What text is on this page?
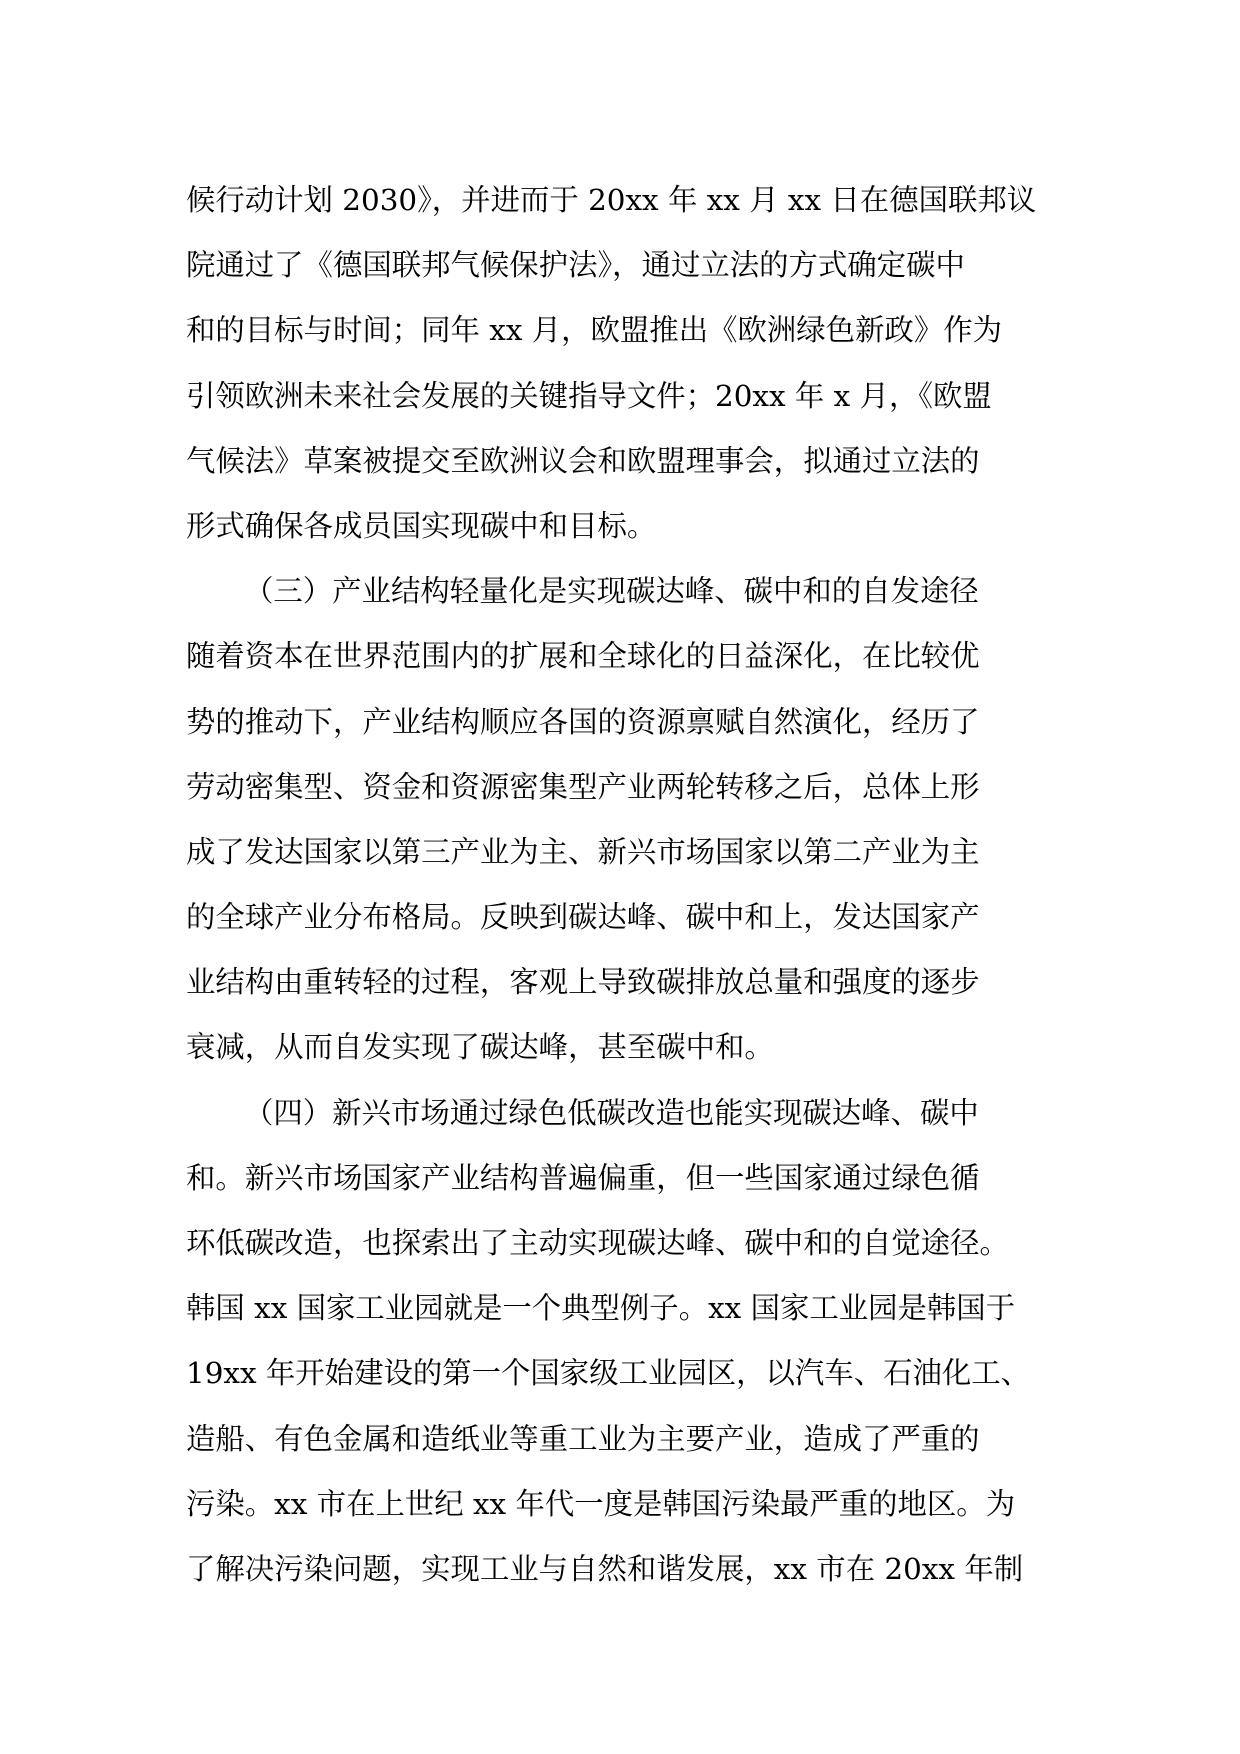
候行动计划 2030》，并进而于 20xx 年 xx 月 xx 日在德国联邦议
院通过了《德国联邦气候保护法》，通过立法的方式确定碳中
和的目标与时间；同年 xx 月，欧盟推出《欧洲绿色新政》作为
引领欧洲未来社会发展的关键指导文件；20xx 年 x 月，《欧盟
气候法》草案被提交至欧洲议会和欧盟理事会，拟通过立法的
形式确保各成员国实现碳中和目标。
（三）产业结构轻量化是实现碳达峰、碳中和的自发途径
随着资本在世界范围内的扩展和全球化的日益深化，在比较优
势的推动下，产业结构顺应各国的资源禀赋自然演化，经历了
劳动密集型、资金和资源密集型产业两轮转移之后，总体上形
成了发达国家以第三产业为主、新兴市场国家以第二产业为主
的全球产业分布格局。反映到碳达峰、碳中和上，发达国家产
业结构由重转轻的过程，客观上导致碳排放总量和强度的逐步
衰减，从而自发实现了碳达峰，甚至碳中和。
（四）新兴市场通过绿色低碳改造也能实现碳达峰、碳中
和。新兴市场国家产业结构普遍偏重，但一些国家通过绿色循
环低碳改造，也探索出了主动实现碳达峰、碳中和的自觉途径。
韩国 xx 国家工业园就是一个典型例子。xx 国家工业园是韩国于
19xx 年开始建设的第一个国家级工业园区，以汽车、石油化工、
造船、有色金属和造纸业等重工业为主要产业，造成了严重的
污染。xx 市在上世纪 xx 年代一度是韩国污染最严重的地区。为
了解决污染问题，实现工业与自然和谐发展，xx 市在 20xx 年制
